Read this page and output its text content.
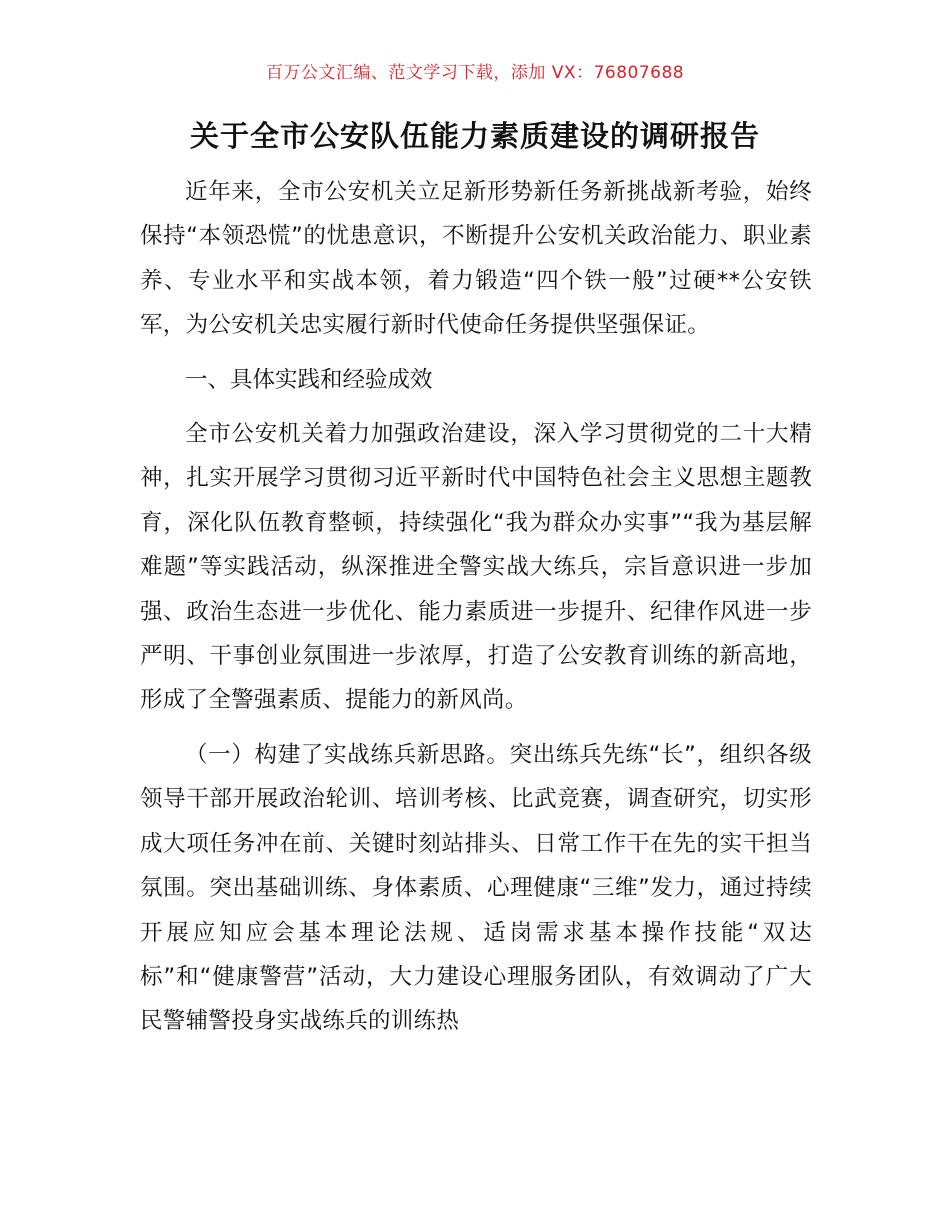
百万公文汇编、范文学习下载，添加 VX：76807688
关于全市公安队伍能力素质建设的调研报告

近年来，全市公安机关立足新形势新任务新挑战新考验，始终保持“本领恐慌”的忧患意识，不断提升公安机关政治能力、职业素养、专业水平和实战本领，着力锻造“四个铁一般”过硬**公安铁军，为公安机关忠实履行新时代使命任务提供坚强保证。

一、具体实践和经验成效

全市公安机关着力加强政治建设，深入学习贯彻党的二十大精神，扎实开展学习贯彻习近平新时代中国特色社会主义思想主题教育，深化队伍教育整顿，持续强化“我为群众办实事”“我为基层解难题”等实践活动，纵深推进全警实战大练兵，宗旨意识进一步加强、政治生态进一步优化、能力素质进一步提升、纪律作风进一步严明、干事创业氛围进一步浓厚，打造了公安教育训练的新高地，形成了全警强素质、提能力的新风尚。

（一）构建了实战练兵新思路。突出练兵先练“长”，组织各级领导干部开展政治轮训、培训考核、比武竞赛，调查研究，切实形成大项任务冲在前、关键时刻站排头、日常工作干在先的实干担当氛围。突出基础训练、身体素质、心理健康“三维”发力，通过持续开展应知应会基本理论法规、适岗需求基本操作技能“双达标”和“健康警营”活动，大力建设心理服务团队，有效调动了广大民警辅警投身实战练兵的训练热
